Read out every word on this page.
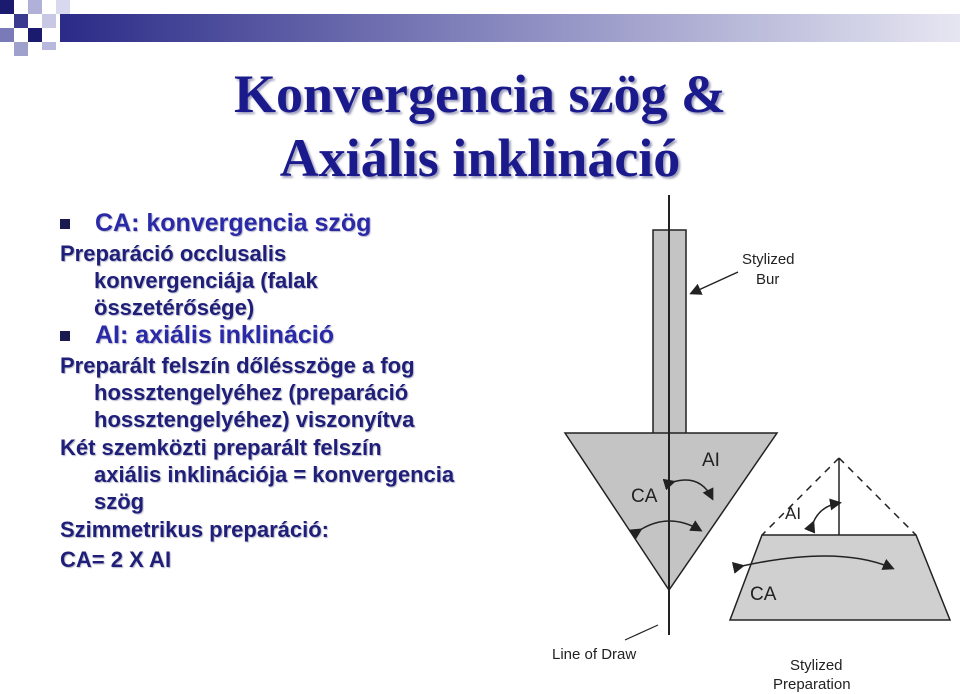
Konvergencia szög &
Axiális inklináció
CA: konvergencia szög
Preparáció occlusalis
konvergenciája (falak
összetérősége)
AI: axiális inklináció
Preparált felszín dőlésszöge a fog
hossztengelyéhez (preparáció
hossztengelyéhez) viszonyítva
Két szemközti preparált felszín
axiális inklinációja = konvergencia
szög
Szimmetrikus preparáció:
CA= 2 X AI
Stylized
Bur
AI
CA
AI
CA
Line of Draw
Stylized
Preparation
